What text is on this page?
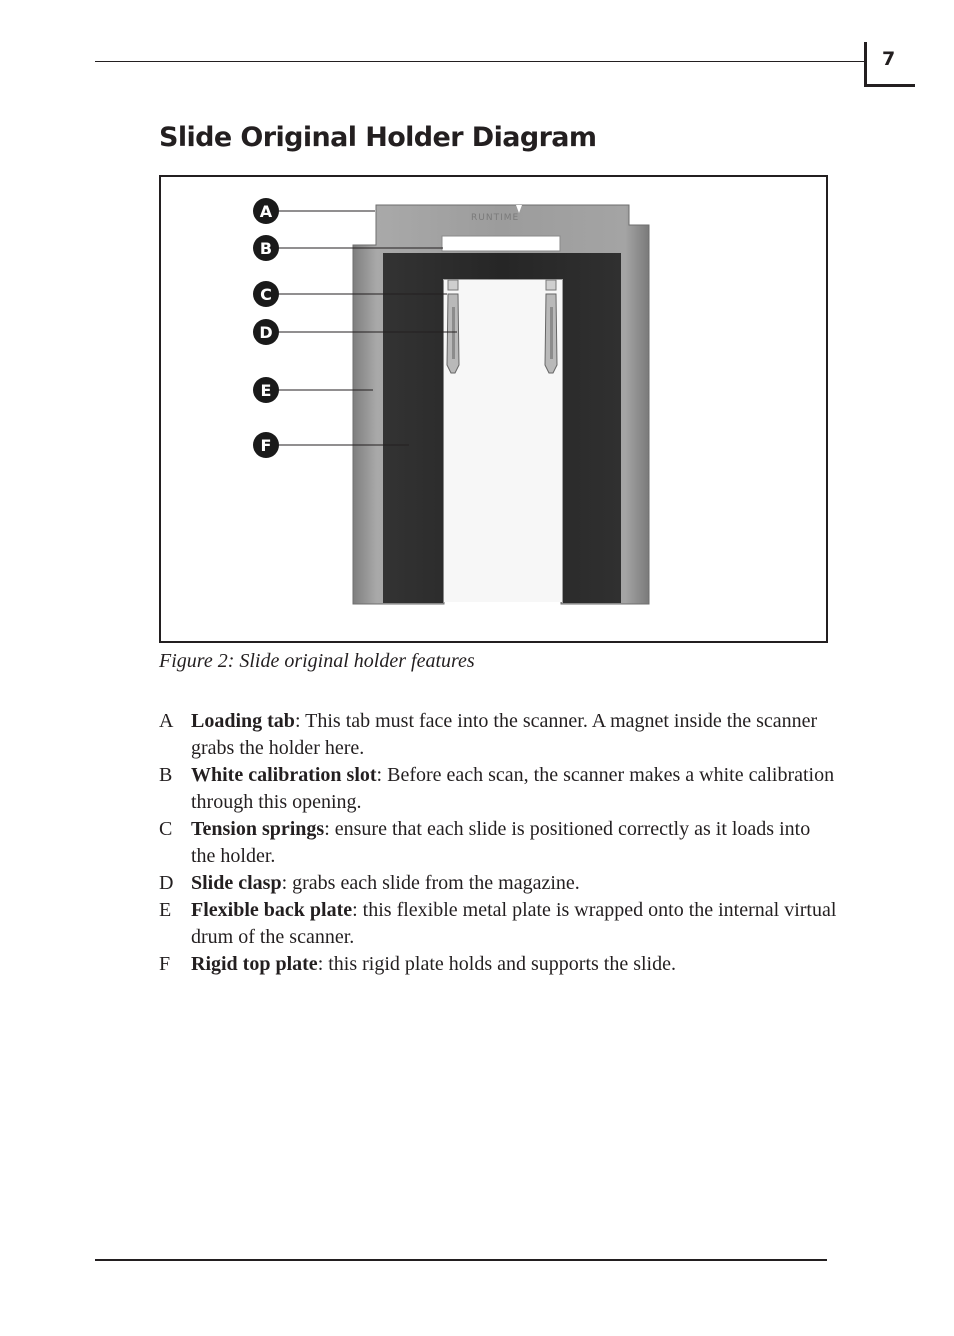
7
Slide Original Holder Diagram
RUNTIME
A
B
C
D
E
F
Figure 2: Slide original holder features
A Loading tab: This tab must face into the scanner. A magnet inside the scanner grabs the holder here.
B White calibration slot: Before each scan, the scanner makes a white calibration through this opening.
C Tension springs: ensure that each slide is positioned correctly as it loads into the holder.
D Slide clasp: grabs each slide from the magazine.
E Flexible back plate: this flexible metal plate is wrapped onto the internal virtual drum of the scanner.
F	Rigid top plate: this rigid plate holds and supports the slide.
